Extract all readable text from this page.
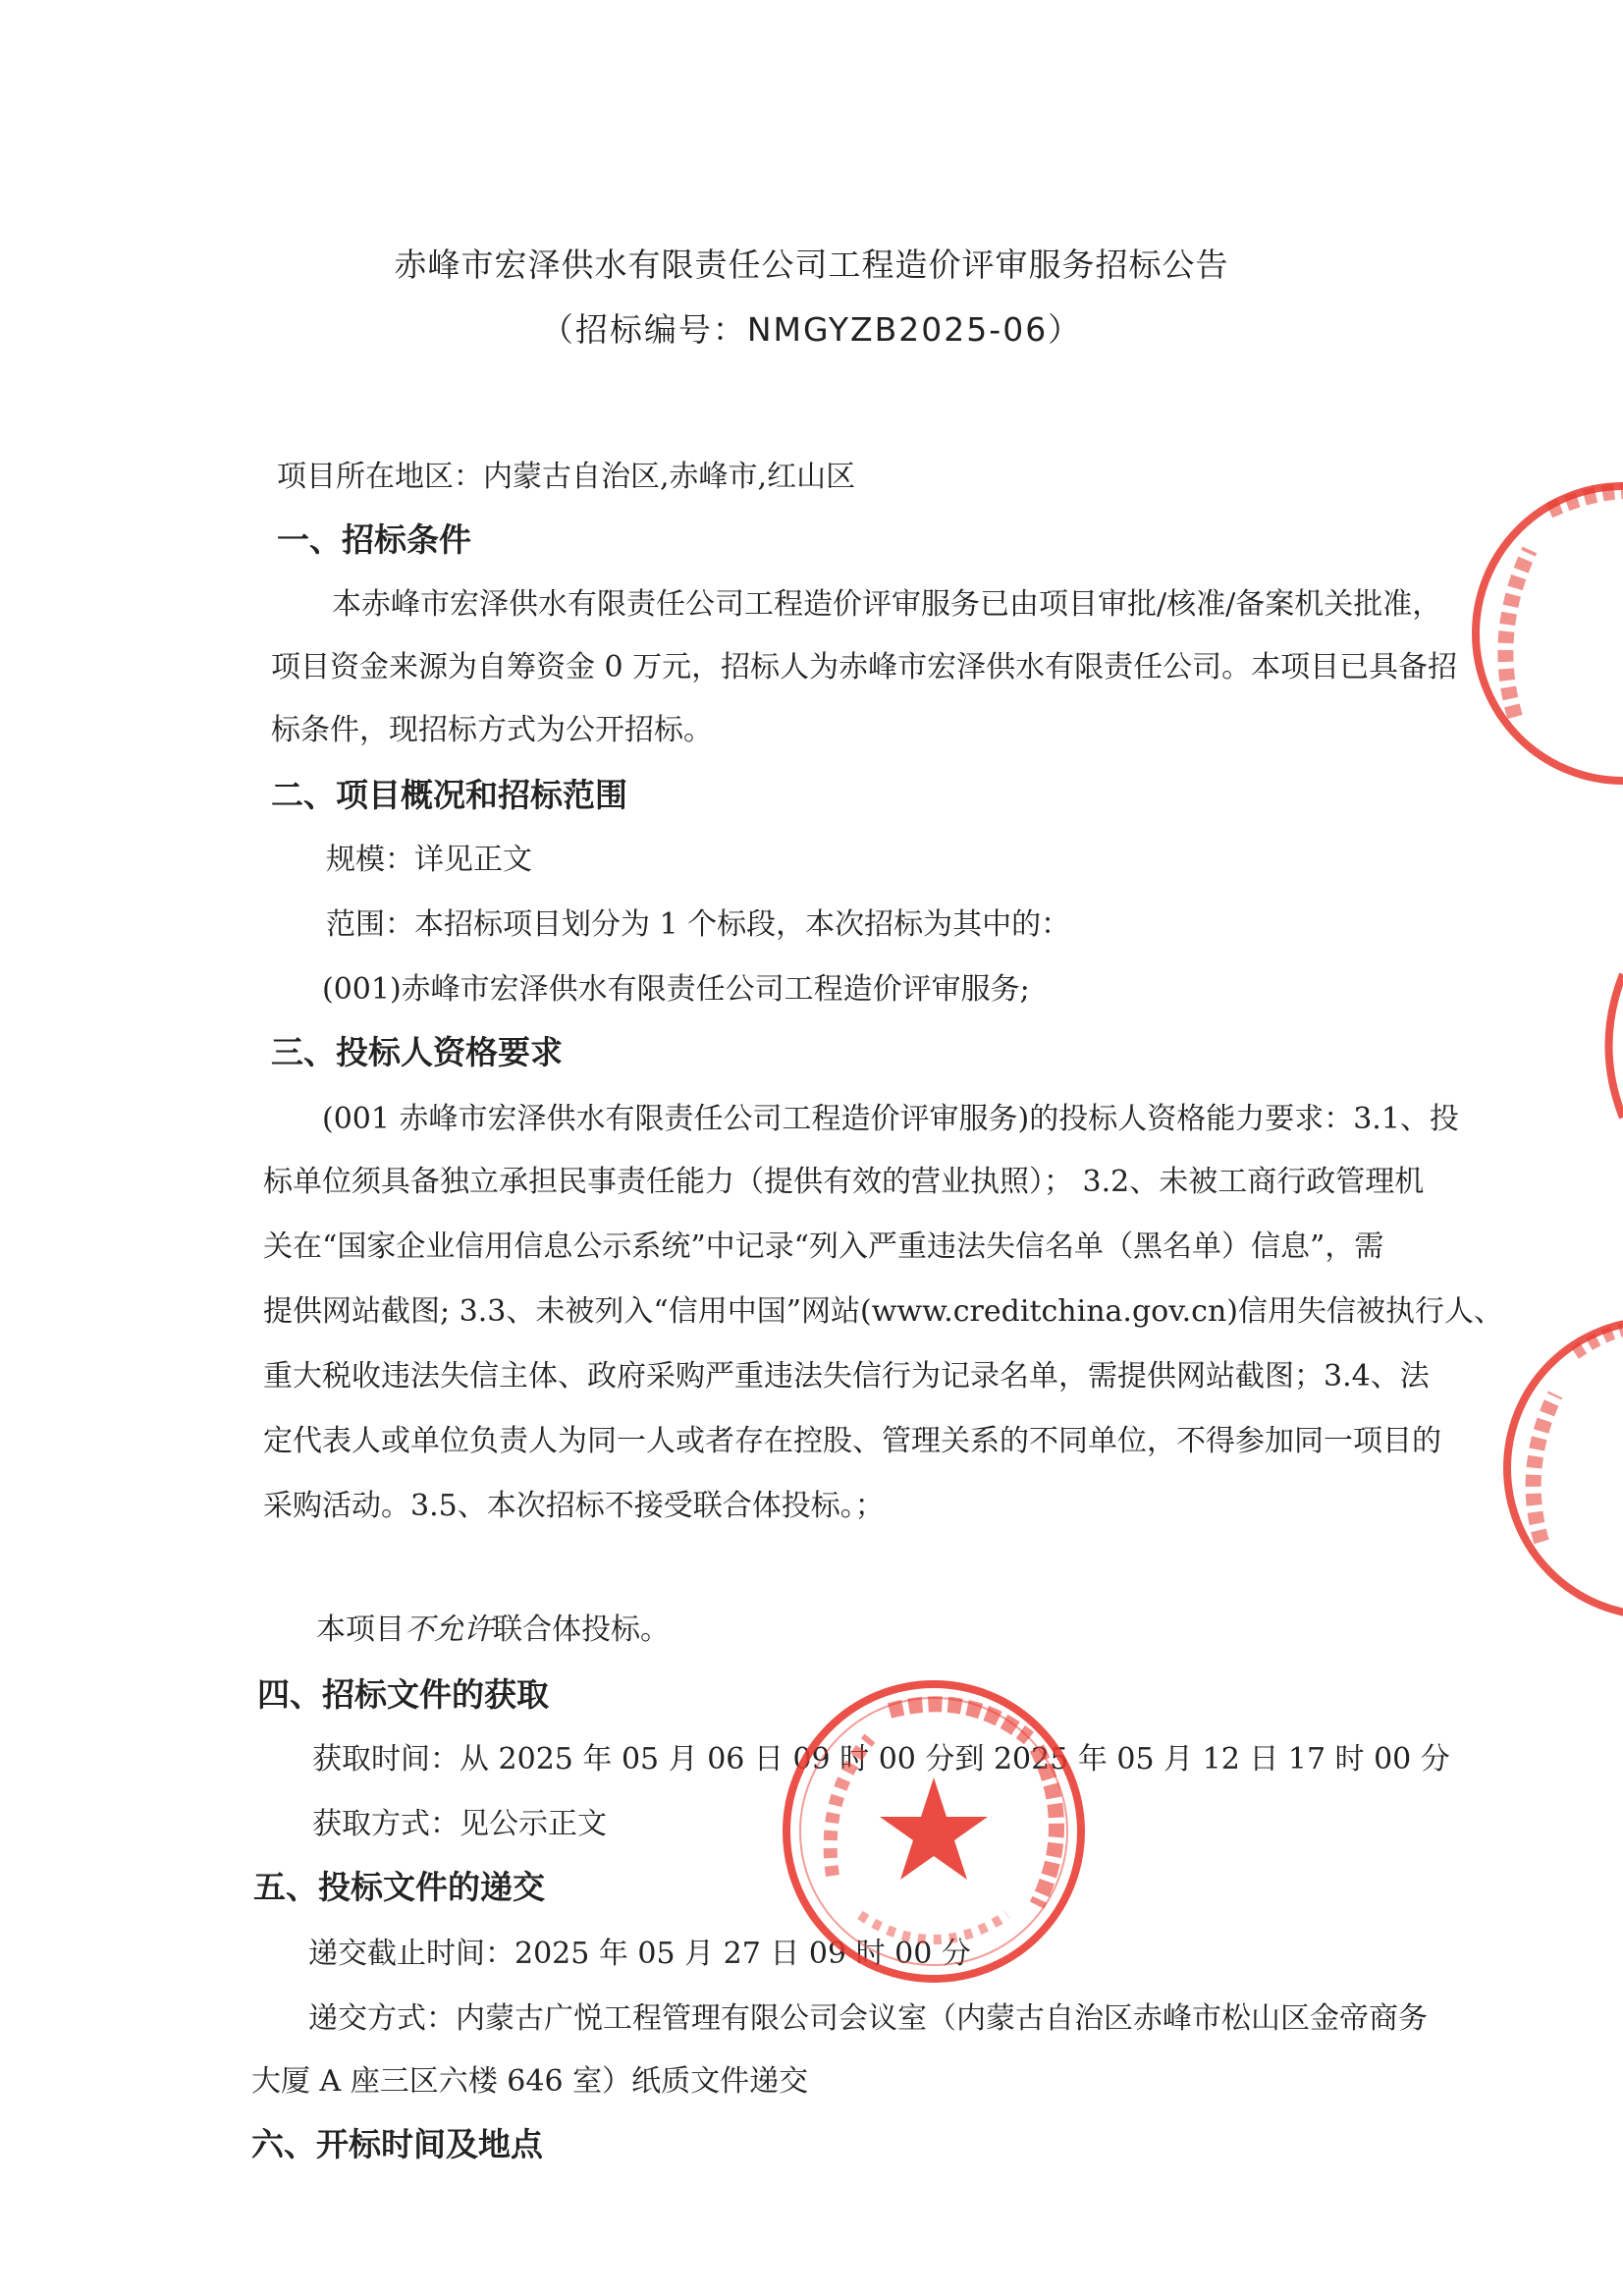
赤峰市宏泽供水有限责任公司工程造价评审服务招标公告
（招标编号：NMGYZB2025-06）
项目所在地区：内蒙古自治区,赤峰市,红山区
一、招标条件
本赤峰市宏泽供水有限责任公司工程造价评审服务已由项目审批/核准/备案机关批准，
项目资金来源为自筹资金 0 万元，招标人为赤峰市宏泽供水有限责任公司。本项目已具备招
标条件，现招标方式为公开招标。
二、项目概况和招标范围
规模：详见正文
范围：本招标项目划分为 1 个标段，本次招标为其中的：
(001)赤峰市宏泽供水有限责任公司工程造价评审服务;
三、投标人资格要求
(001 赤峰市宏泽供水有限责任公司工程造价评审服务)的投标人资格能力要求：3.1、投
标单位须具备独立承担民事责任能力（提供有效的营业执照）； 3.2、未被工商行政管理机
关在“国家企业信用信息公示系统”中记录“列入严重违法失信名单（黑名单）信息”，需
提供网站截图; 3.3、未被列入“信用中国”网站(www.creditchina.gov.cn)信用失信被执行人、
重大税收违法失信主体、政府采购严重违法失信行为记录名单，需提供网站截图；3.4、法
定代表人或单位负责人为同一人或者存在控股、管理关系的不同单位，不得参加同一项目的
采购活动。3.5、本次招标不接受联合体投标。；
本项目不允许联合体投标。
四、招标文件的获取
获取时间：从 2025 年 05 月 06 日 09 时 00 分到 2025 年 05 月 12 日 17 时 00 分
获取方式：见公示正文
五、投标文件的递交
递交截止时间：2025 年 05 月 27 日 09 时 00 分
递交方式：内蒙古广悦工程管理有限公司会议室（内蒙古自治区赤峰市松山区金帝商务
大厦 A 座三区六楼 646 室）纸质文件递交
六、开标时间及地点
